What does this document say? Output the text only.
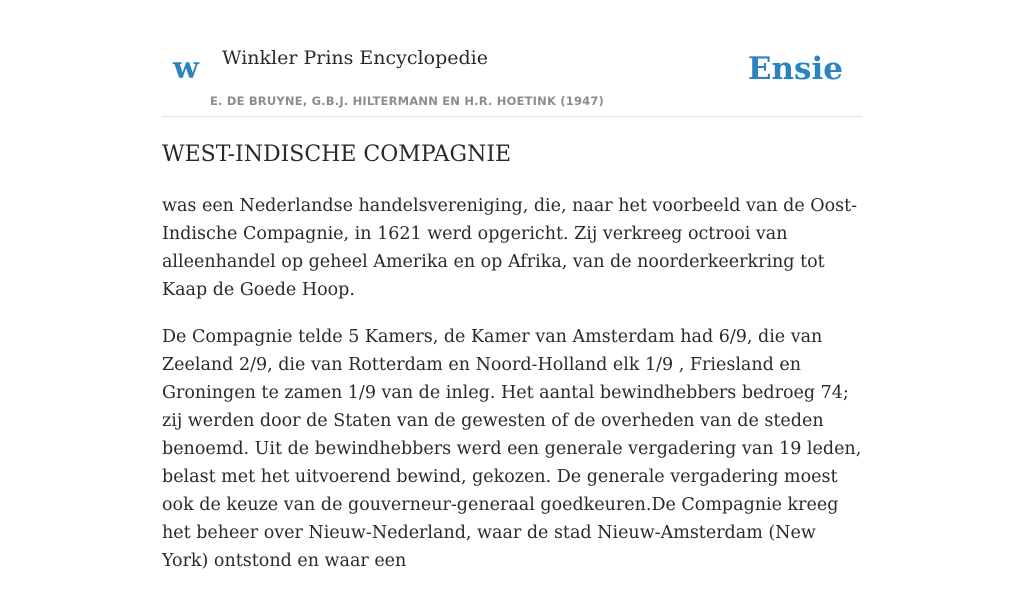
w Winkler Prins Encyclopedie
E. DE BRUYNE, G.B.J. HILTERMANN EN H.R. HOETINK (1947)
Ensie
WEST-INDISCHE COMPAGNIE

was een Nederlandse handelsvereniging, die, naar het voorbeeld van de Oost-Indische Compagnie, in 1621 werd opgericht. Zij verkreeg octrooi van alleenhandel op geheel Amerika en op Afrika, van de noorderkeerkring tot Kaap de Goede Hoop.

De Compagnie telde 5 Kamers, de Kamer van Amsterdam had 6/9, die van Zeeland 2/9, die van Rotterdam en Noord-Holland elk 1/9 , Friesland en Groningen te zamen 1/9 van de inleg. Het aantal bewindhebbers bedroeg 74; zij werden door de Staten van de gewesten of de overheden van de steden benoemd. Uit de bewindhebbers werd een generale vergadering van 19 leden, belast met het uitvoerend bewind, gekozen. De generale vergadering moest ook de keuze van de gouverneur-generaal goedkeuren.De Compagnie kreeg het beheer over Nieuw-Nederland, waar de stad Nieuw-Amsterdam (New York) ontstond en waar een
